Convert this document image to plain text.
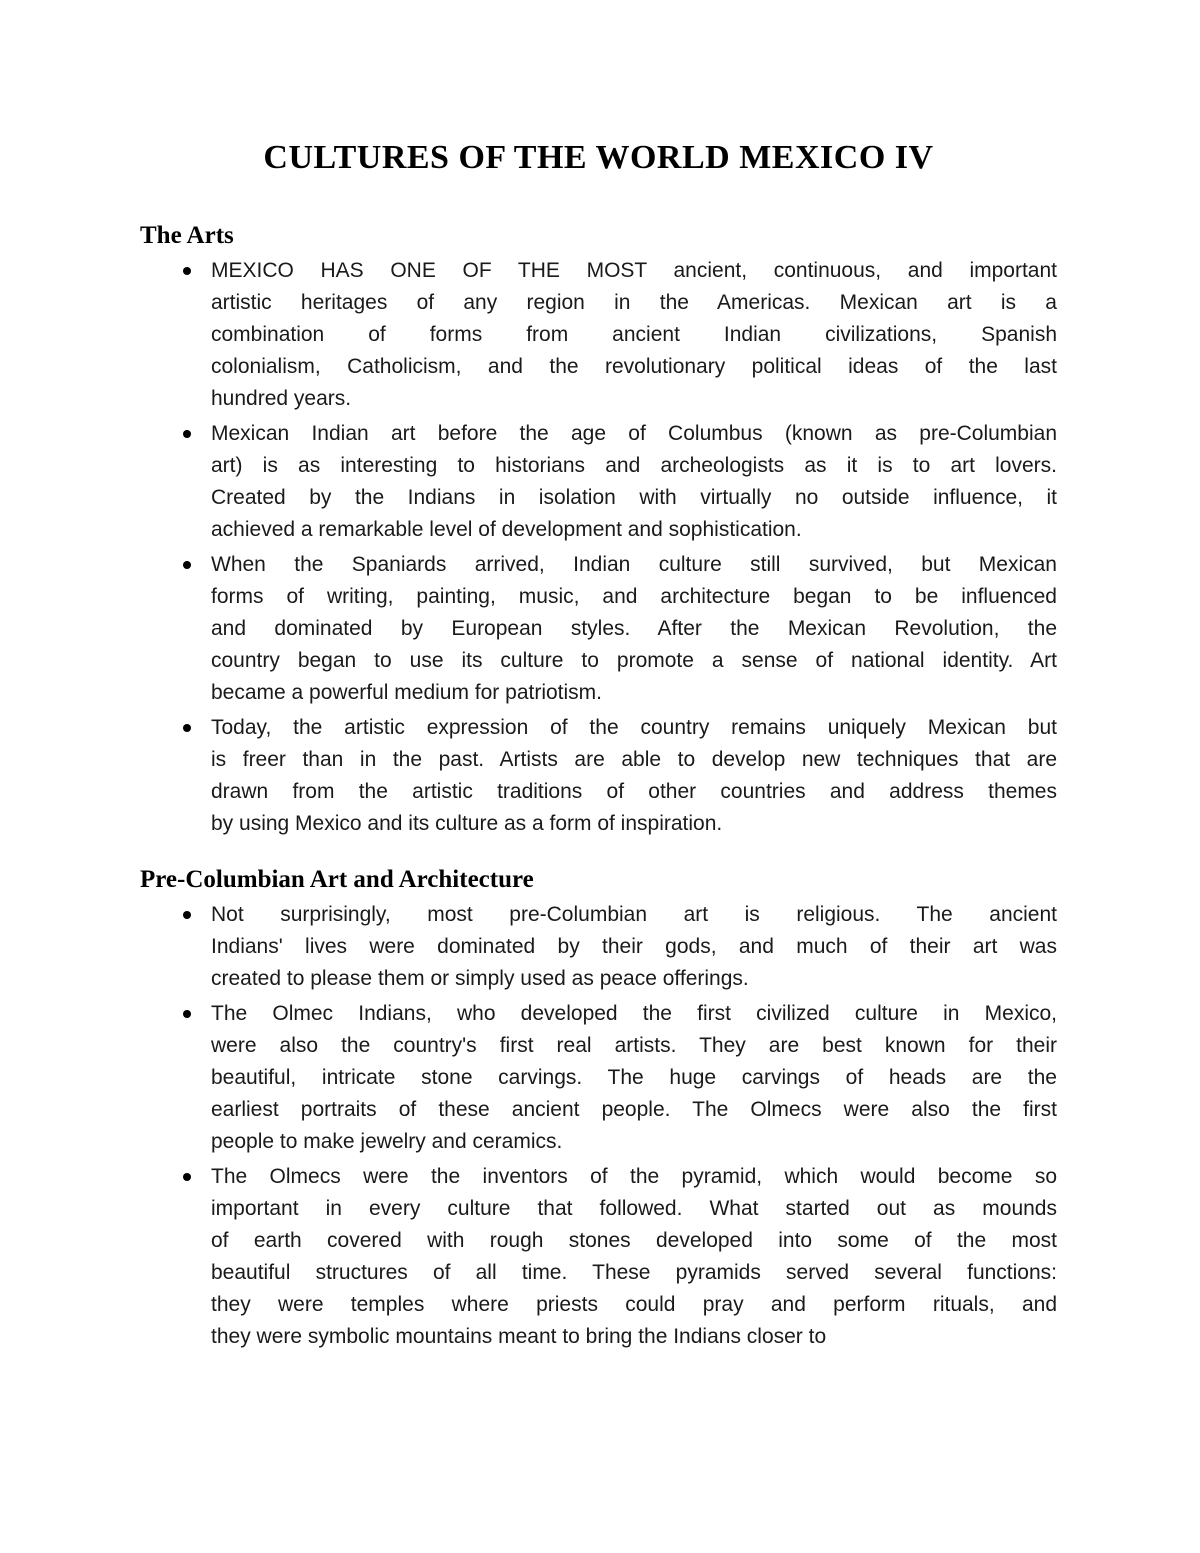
CULTURES OF THE WORLD MEXICO IV
The Arts
MEXICO HAS ONE OF THE MOST ancient, continuous, and important
artistic heritages of any region in the Americas. Mexican art is a
combination of forms from ancient Indian civilizations, Spanish
colonialism, Catholicism, and the revolutionary political ideas of the last
hundred years.
Mexican Indian art before the age of Columbus (known as pre-Columbian
art) is as interesting to historians and archeologists as it is to art lovers.
Created by the Indians in isolation with virtually no outside influence, it
achieved a remarkable level of development and sophistication.
When the Spaniards arrived, Indian culture still survived, but Mexican
forms of writing, painting, music, and architecture began to be influenced
and dominated by European styles. After the Mexican Revolution, the
country began to use its culture to promote a sense of national identity. Art
became a powerful medium for patriotism.
Today, the artistic expression of the country remains uniquely Mexican but
is freer than in the past. Artists are able to develop new techniques that are
drawn from the artistic traditions of other countries and address themes
by using Mexico and its culture as a form of inspiration.
Pre-Columbian Art and Architecture
Not surprisingly, most pre-Columbian art is religious. The ancient
Indians' lives were dominated by their gods, and much of their art was
created to please them or simply used as peace offerings.
The Olmec Indians, who developed the first civilized culture in Mexico,
were also the country's first real artists. They are best known for their
beautiful, intricate stone carvings. The huge carvings of heads are the
earliest portraits of these ancient people. The Olmecs were also the first
people to make jewelry and ceramics.
The Olmecs were the inventors of the pyramid, which would become so
important in every culture that followed. What started out as mounds
of earth covered with rough stones developed into some of the most
beautiful structures of all time. These pyramids served several functions:
they were temples where priests could pray and perform rituals, and
they were symbolic mountains meant to bring the Indians closer to
